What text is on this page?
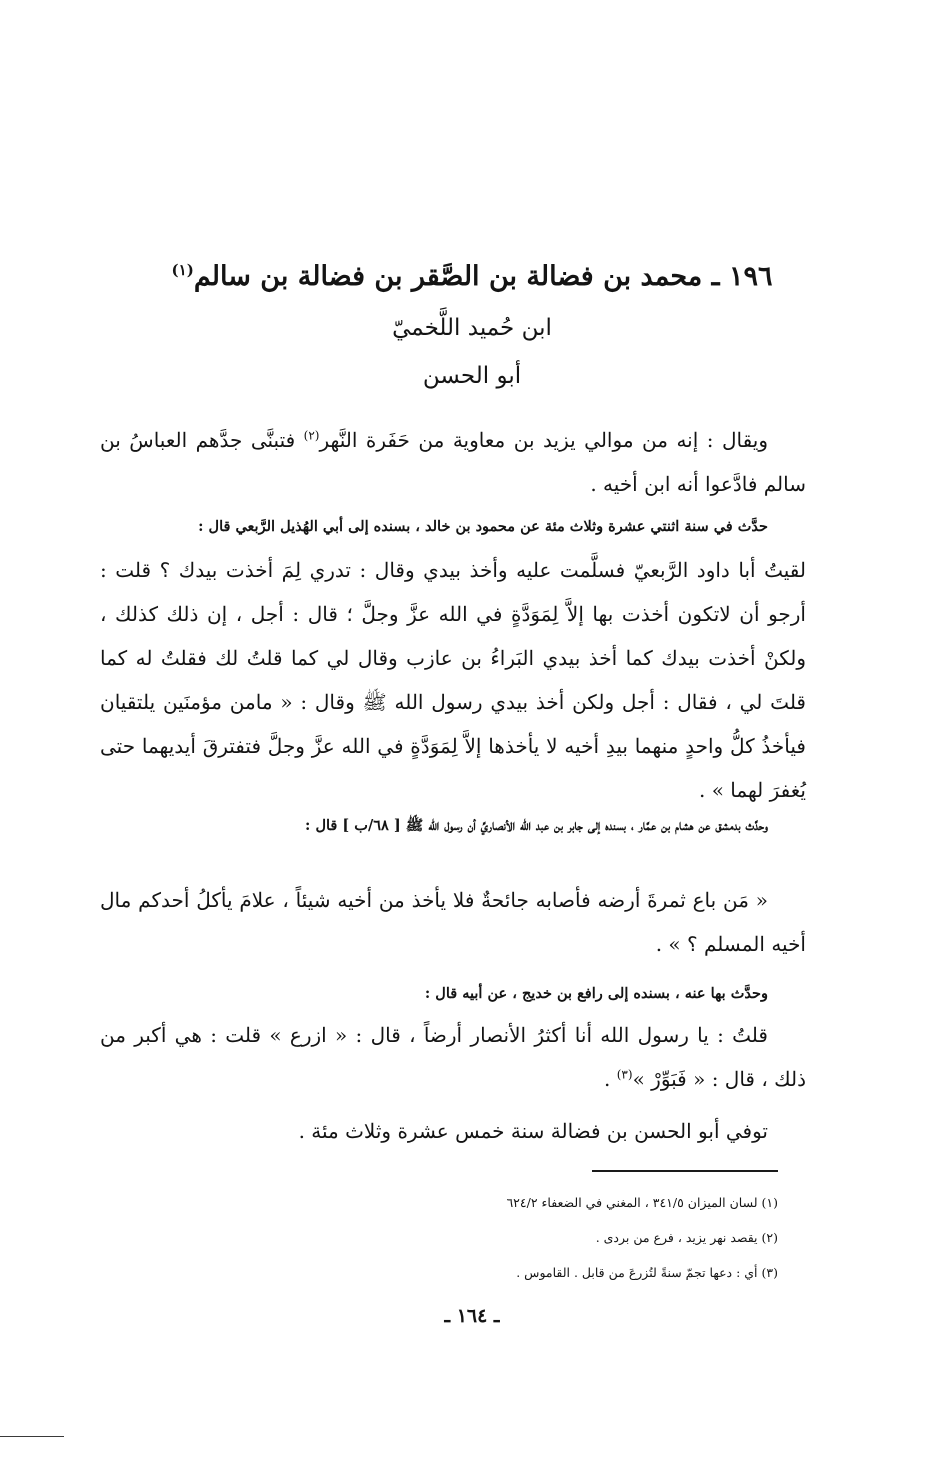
١٩٦ ـ محمد بن فضالة بن الصَّقر بن فضالة بن سالم$^{(١)}$

ابن حُميد اللَّخميّ

أبو الحسن

ويقال : إنه من موالي يزيد بن معاوية من حَفَرة النَّهر$^{(٢)}$ فتبنَّى جدَّهم العباسُ بن سالم فادَّعوا أنه ابن أخيه .

حدَّث في سنة اثنتي عشرة وثلاث مئة عن محمود بن خالد ، بسنده إلى أبي الهُذيل الرَّبعي قال :

لقيتُ أبا داود الرَّبعيّ فسلَّمت عليه وأخذ بيدي وقال : تدري لِمَ أخذت بيدك ؟ قلت : أرجو أن لاتكون أخذت بها إلاَّ لِمَوَدَّةٍ في الله عزَّ وجلَّ ؛ قال : أجل ، إن ذلك كذلك ، ولكنْ أخذت بيدك كما أخذ بيدي البَراءُ بن عازب وقال لي كما قلتُ لك فقلتُ له كما قلتَ لي ، فقال : أجل ولكن أخذ بيدي رسول الله ﷺ وقال : « مامن مؤمنَين يلتقيان فيأخذُ كلُّ واحدٍ منهما بيدِ أخيه لا يأخذها إلاَّ لِمَوَدَّةٍ في الله عزَّ وجلَّ فتفترقَ أيديهما حتى يُغفرَ لهما » .

وحدَّث بدمشق عن هشام بن عمَّار ، بسنده إلى جابر بن عبد الله الأنصاريِّ أن رسول الله ﷺ [ ٦٨/ب ] قال :

« مَن باع ثمرةَ أرضه فأصابه جائحةٌ فلا يأخذ من أخيه شيئاً ، علامَ يأكلُ أحدكم مال أخيه المسلم ؟ » .

وحدَّث بها عنه ، بسنده إلى رافع بن خديج ، عن أبيه قال :

قلتُ : يا رسول الله أنا أكثرُ الأنصار أرضاً ، قال : « ازرع » قلت : هي أكبر من ذلك ، قال : « فَبَوِّرْ »$^{(٣)}$ .

توفي أبو الحسن بن فضالة سنة خمس عشرة وثلاث مئة .

(١) لسان الميزان ٣٤١/٥ ، المغني في الضعفاء ٦٢٤/٢

(٢) يقصد نهر يزيد ، فرع من بردى .

(٣) أي : دعها تجمّ سنةً لتُزرعَ من قابل . القاموس .

ـ ١٦٤ ـ
